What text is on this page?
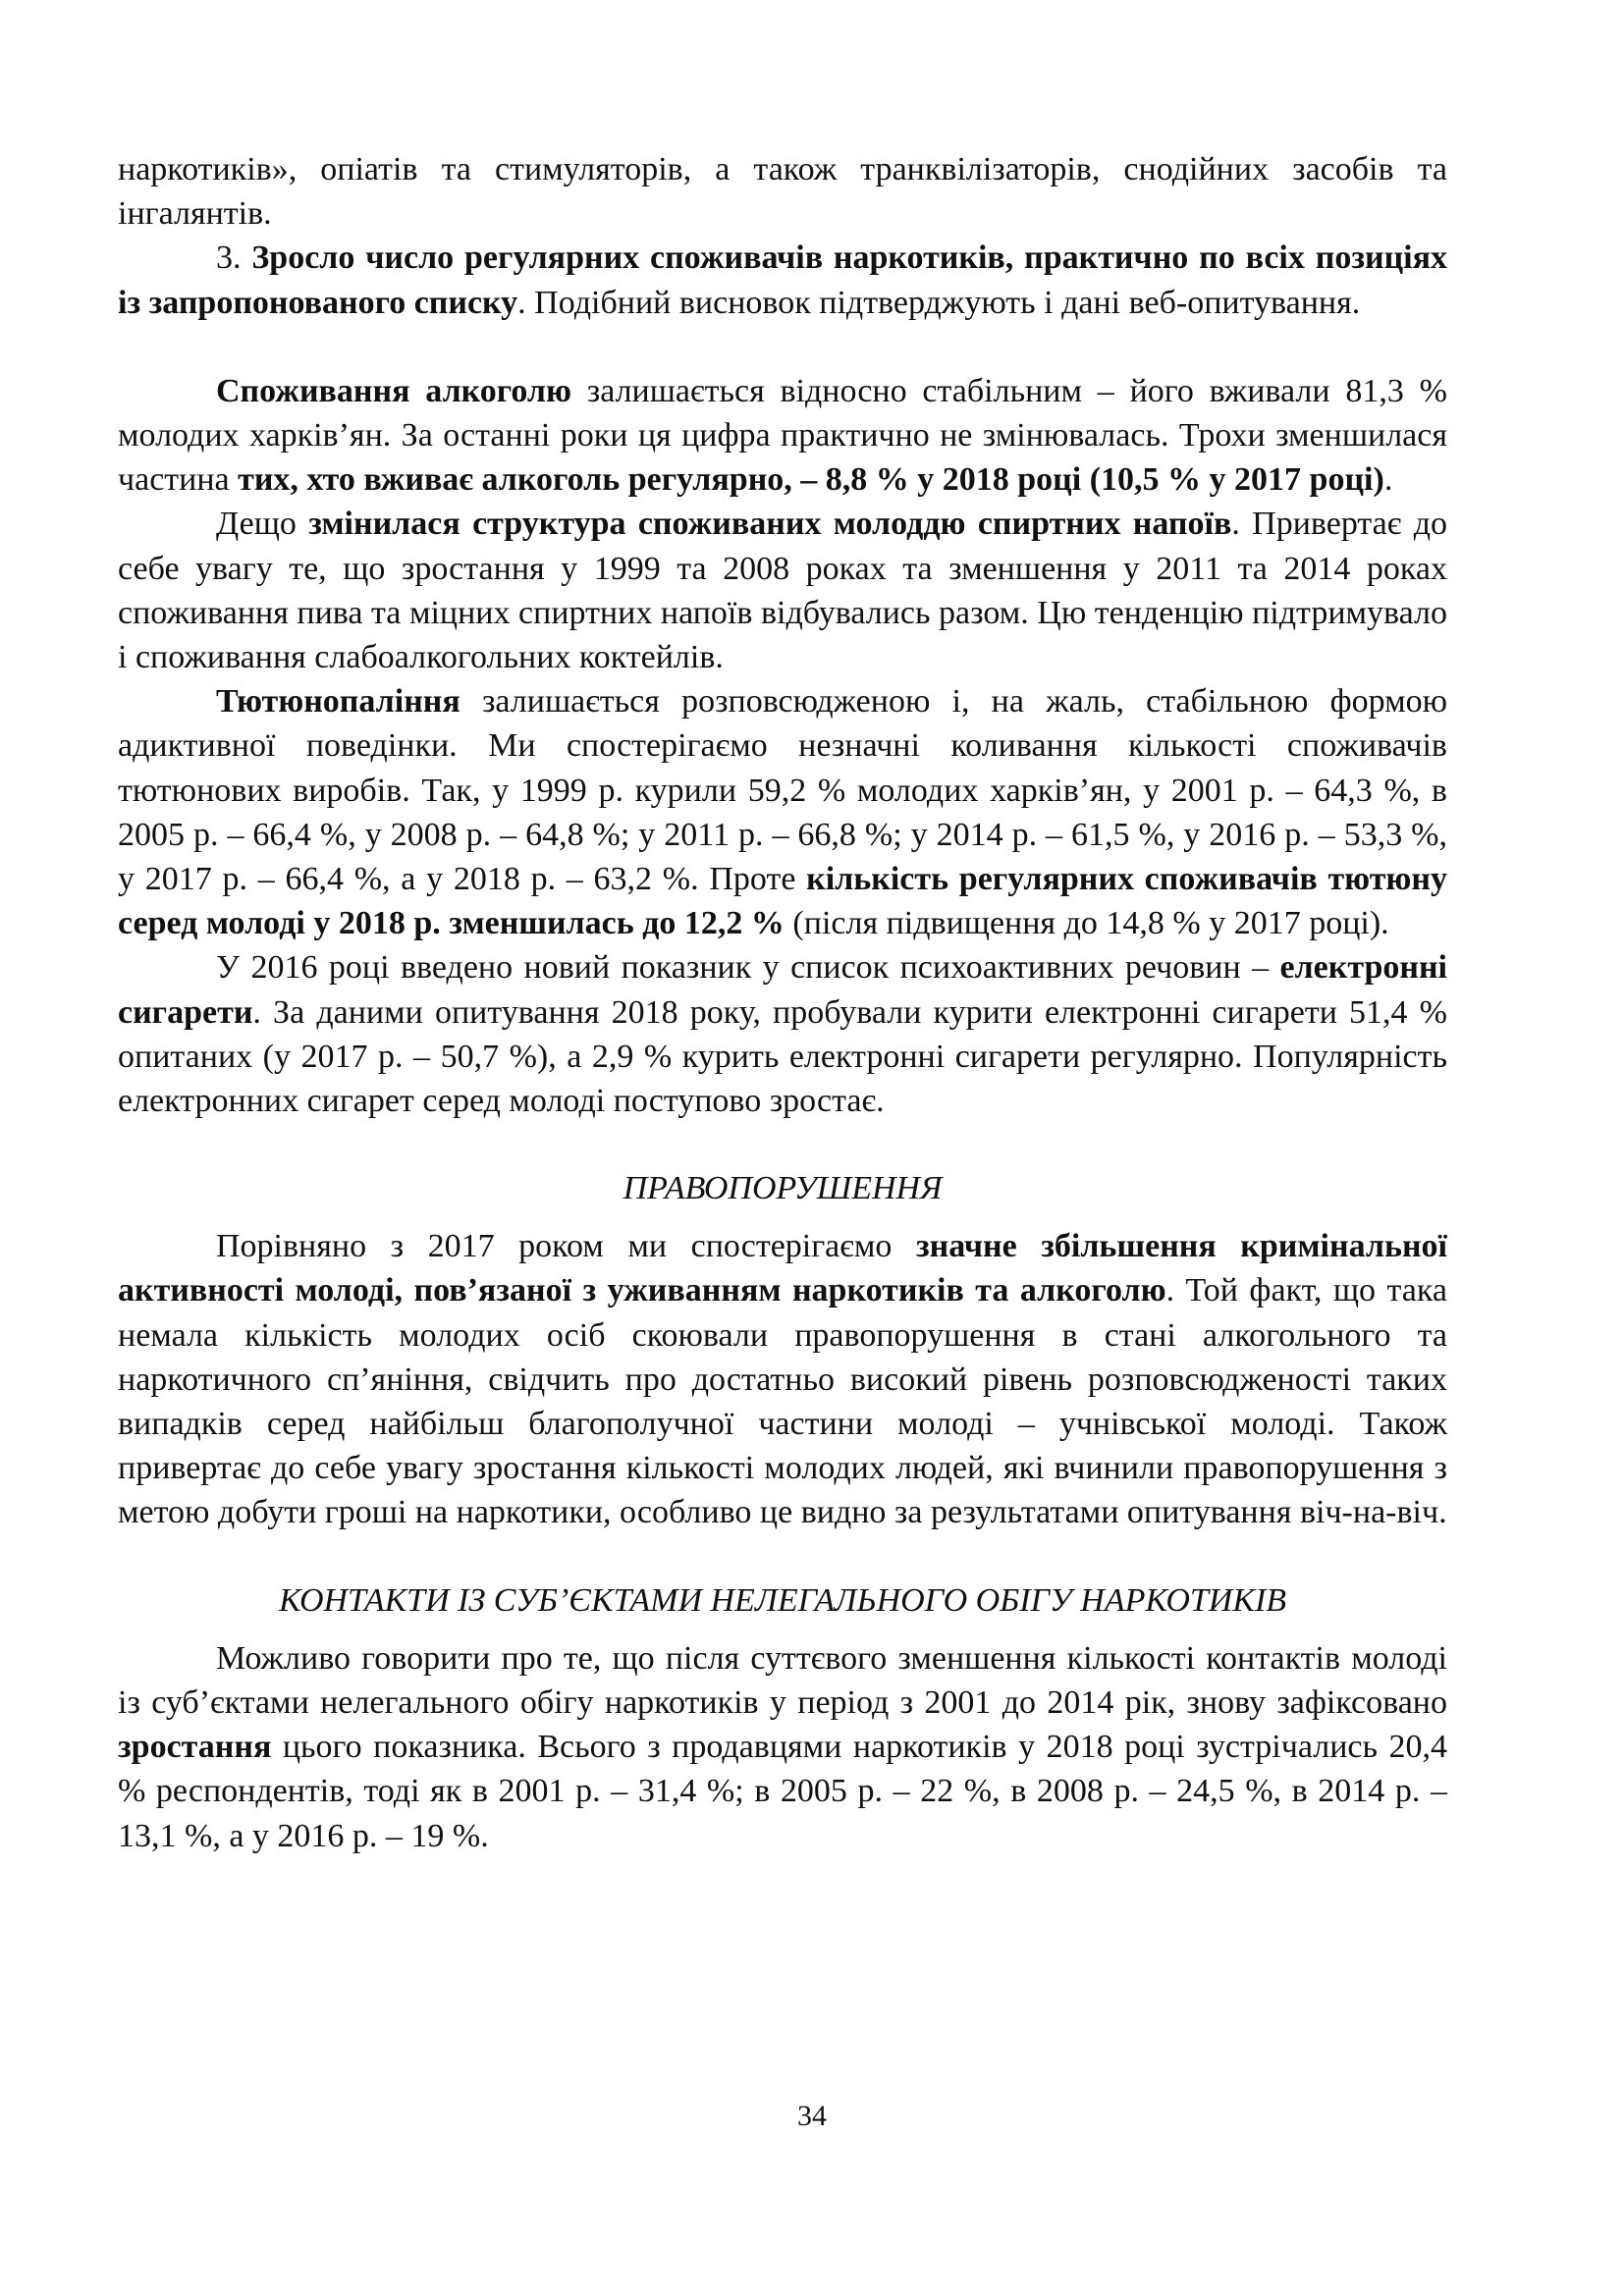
наркотиків», опіатів та стимуляторів, а також транквілізаторів, снодійних засобів та інгалянтів.

3. Зросло число регулярних споживачів наркотиків, практично по всіх позиціях із запропонованого списку. Подібний висновок підтверджують і дані веб-опитування.

Споживання алкоголю залишається відносно стабільним – його вживали 81,3 % молодих харків’ян. За останні роки ця цифра практично не змінювалась. Трохи зменшилася частина тих, хто вживає алкоголь регулярно, – 8,8 % у 2018 році (10,5 % у 2017 році).

Дещо змінилася структура споживаних молоддю спиртних напоїв. Привертає до себе увагу те, що зростання у 1999 та 2008 роках та зменшення у 2011 та 2014 роках споживання пива та міцних спиртних напоїв відбувались разом. Цю тенденцію підтримувало і споживання слабоалкогольних коктейлів.

Тютюнопаління залишається розповсюдженою і, на жаль, стабільною формою адиктивної поведінки. Ми спостерігаємо незначні коливання кількості споживачів тютюнових виробів. Так, у 1999 р. курили 59,2 % молодих харків’ян, у 2001 р. – 64,3 %, в 2005 р. – 66,4 %, у 2008 р. – 64,8 %; у 2011 р. – 66,8 %; у 2014 р. – 61,5 %, у 2016 р. – 53,3 %, у 2017 р. – 66,4 %, а у 2018 р. – 63,2 %. Проте кількість регулярних споживачів тютюну серед молоді у 2018 р. зменшилась до 12,2 % (після підвищення до 14,8 % у 2017 році).

У 2016 році введено новий показник у список психоактивних речовин – електронні сигарети. За даними опитування 2018 року, пробували курити електронні сигарети 51,4 % опитаних (у 2017 р. – 50,7 %), а 2,9 % курить електронні сигарети регулярно. Популярність електронних сигарет серед молоді поступово зростає.

ПРАВОПОРУШЕННЯ

Порівняно з 2017 роком ми спостерігаємо значне збільшення кримінальної активності молоді, пов’язаної з уживанням наркотиків та алкоголю. Той факт, що така немала кількість молодих осіб скоювали правопорушення в стані алкогольного та наркотичного сп’яніння, свідчить про достатньо високий рівень розповсюдженості таких випадків серед найбільш благополучної частини молоді – учнівської молоді. Також привертає до себе увагу зростання кількості молодих людей, які вчинили правопорушення з метою добути гроші на наркотики, особливо це видно за результатами опитування віч-на-віч.

КОНТАКТИ ІЗ СУБ’ЄКТАМИ НЕЛЕГАЛЬНОГО ОБІГУ НАРКОТИКІВ

Можливо говорити про те, що після суттєвого зменшення кількості контактів молоді із суб’єктами нелегального обігу наркотиків у період з 2001 до 2014 рік, знову зафіксовано зростання цього показника. Всього з продавцями наркотиків у 2018 році зустрічались 20,4 % респондентів, тоді як в 2001 р. – 31,4 %; в 2005 р. – 22 %, в 2008 р. – 24,5 %, в 2014 р. – 13,1 %, а у 2016 р. – 19 %.

34
